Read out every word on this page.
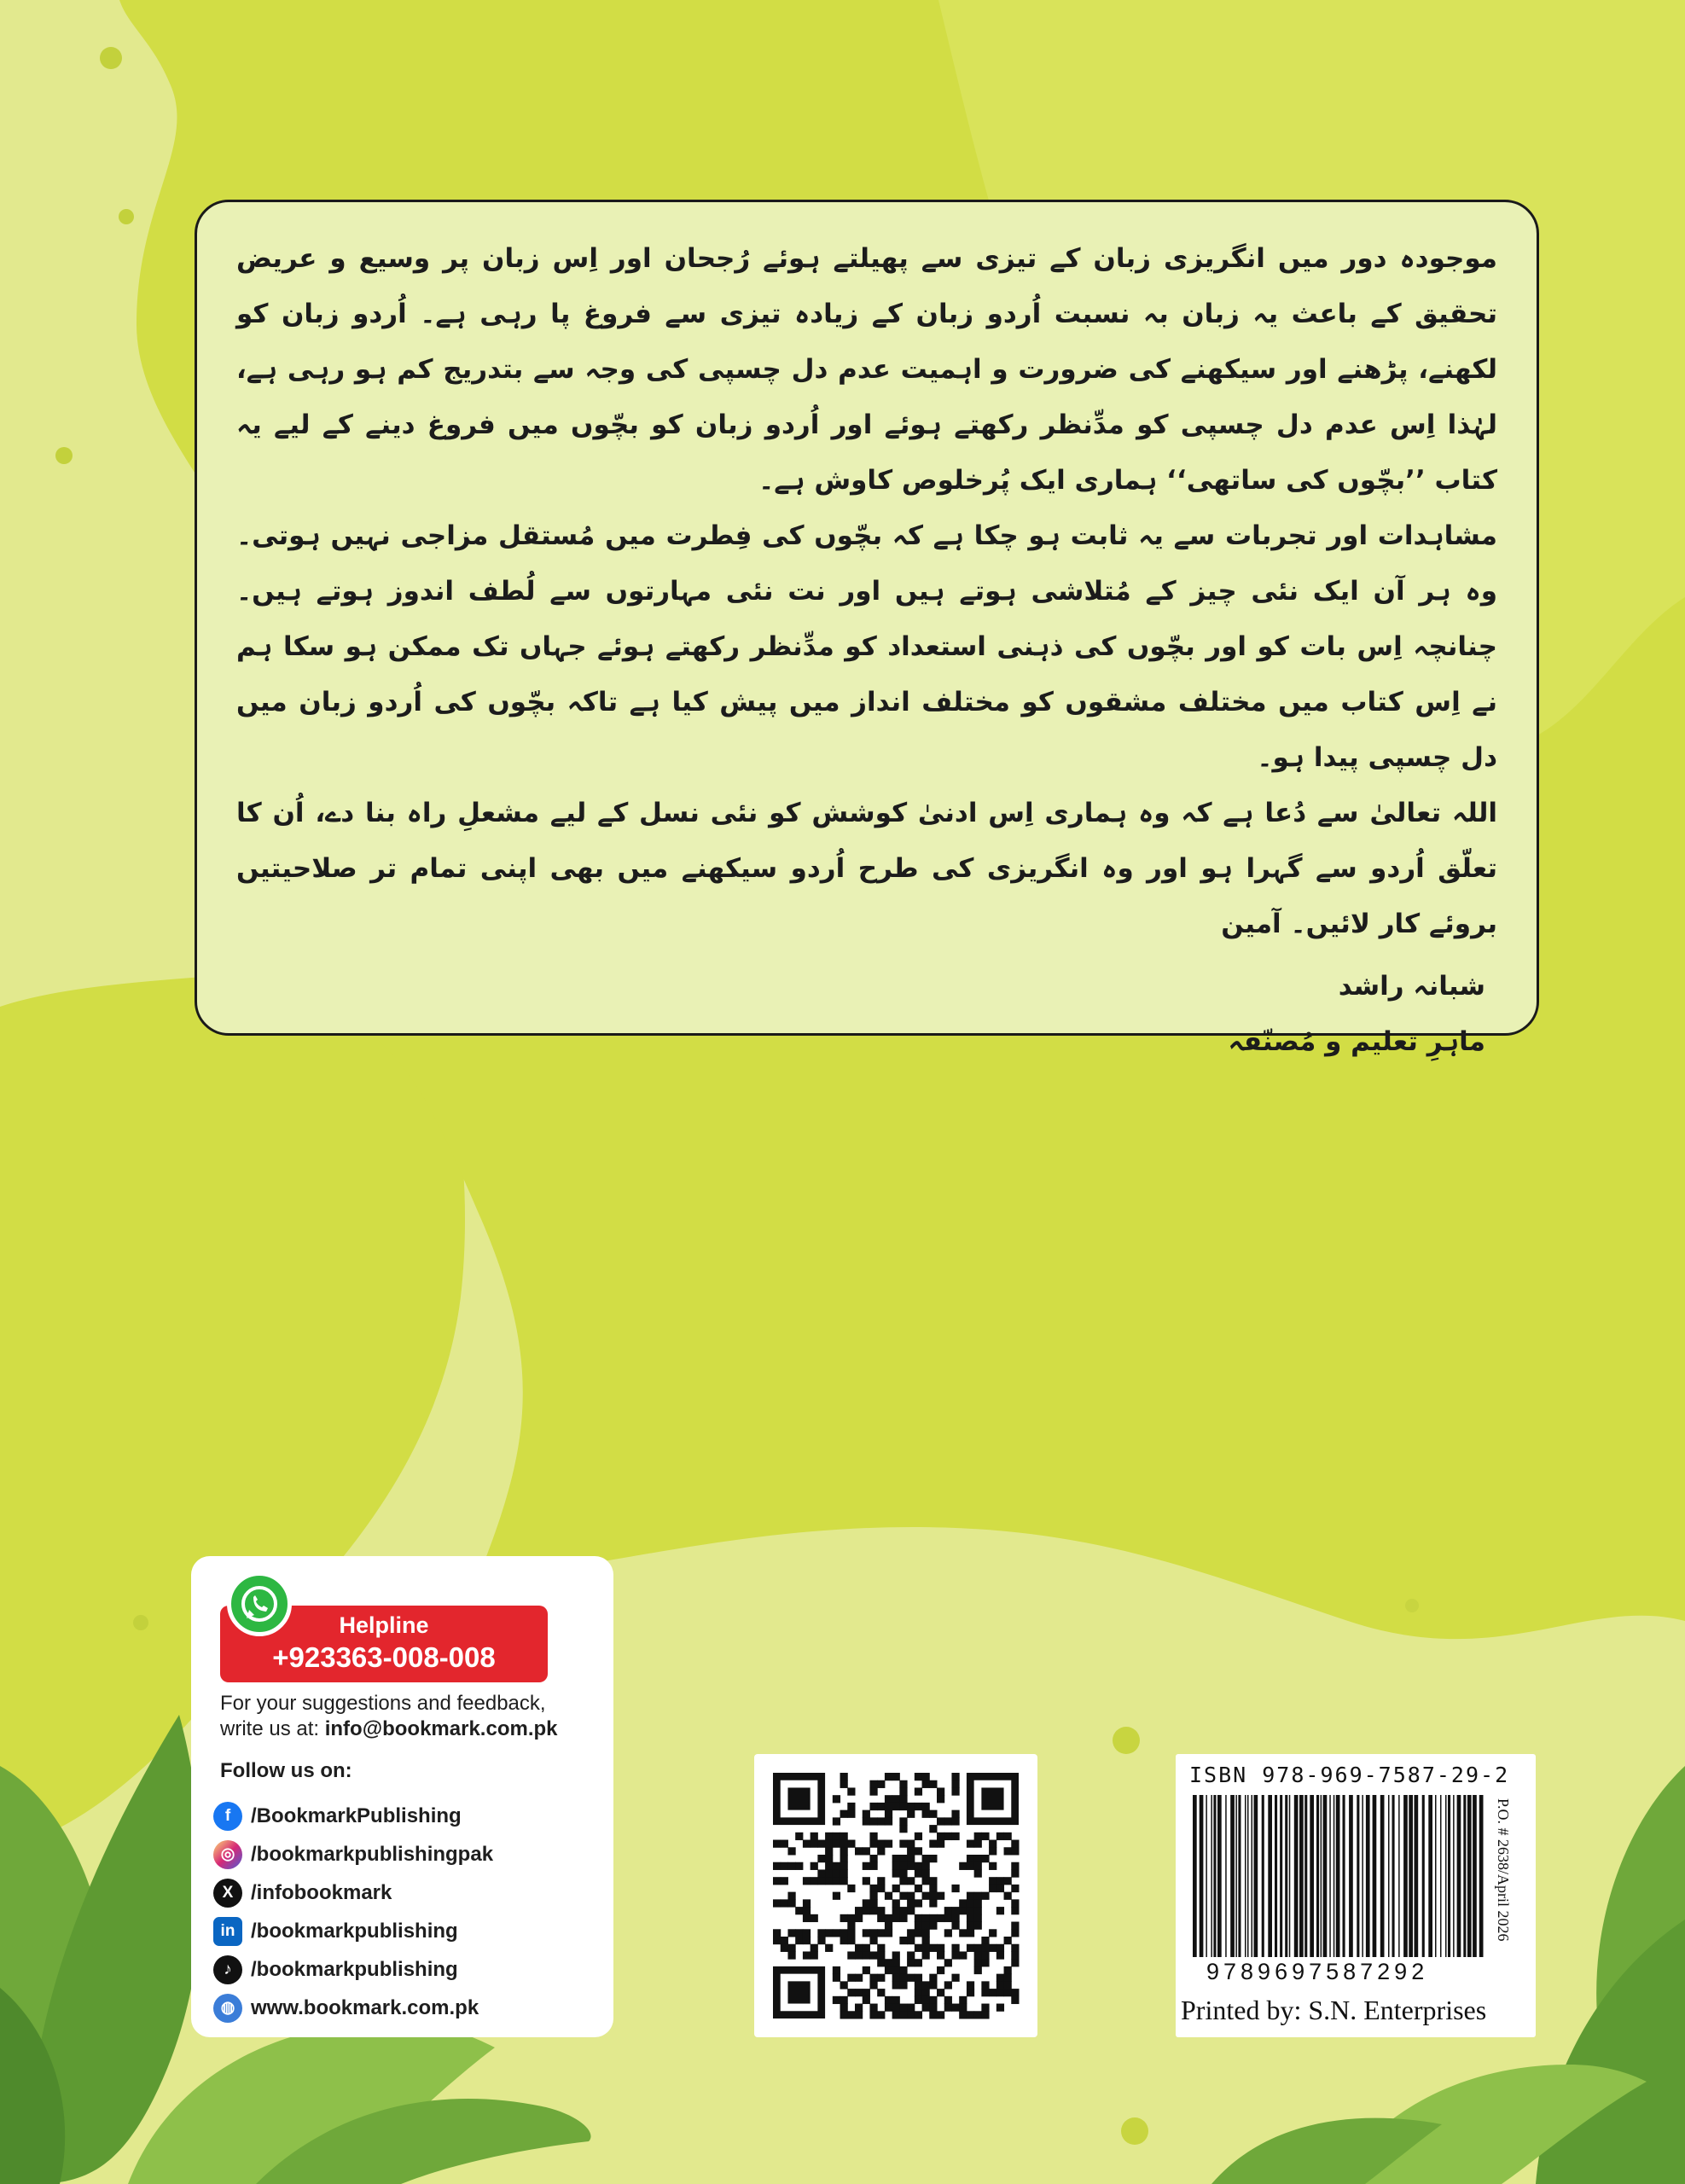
موجودہ دور میں انگریزی زبان کے تیزی سے پھیلتے ہوئے رُجحان اور اِس زبان پر وسیع و عریض تحقیق کے باعث یہ زبان بہ نسبت اُردو زبان کے زیادہ تیزی سے فروغ پا رہی ہے۔ اُردو زبان کو لکھنے، پڑھنے اور سیکھنے کی ضرورت و اہمیت عدم دل چسپی کی وجہ سے بتدریج کم ہو رہی ہے، لہٰذا اِس عدم دل چسپی کو مدِّنظر رکھتے ہوئے اور اُردو زبان کو بچّوں میں فروغ دینے کے لیے یہ کتاب ’’بچّوں کی ساتھی‘‘ ہماری ایک پُرخلوص کاوش ہے۔

مشاہدات اور تجربات سے یہ ثابت ہو چکا ہے کہ بچّوں کی فِطرت میں مُستقل مزاجی نہیں ہوتی۔ وہ ہر آن ایک نئی چیز کے مُتلاشی ہوتے ہیں اور نت نئی مہارتوں سے لُطف اندوز ہوتے ہیں۔ چنانچہ اِس بات کو اور بچّوں کی ذہنی استعداد کو مدِّنظر رکھتے ہوئے جہاں تک ممکن ہو سکا ہم نے اِس کتاب میں مختلف مشقوں کو مختلف انداز میں پیش کیا ہے تاکہ بچّوں کی اُردو زبان میں دل چسپی پیدا ہو۔

اللہ تعالیٰ سے دُعا ہے کہ وہ ہماری اِس ادنیٰ کوشش کو نئی نسل کے لیے مشعلِ راہ بنا دے، اُن کا تعلّق اُردو سے گہرا ہو اور وہ انگریزی کی طرح اُردو سیکھنے میں بھی اپنی تمام تر صلاحیتیں بروئے کار لائیں۔ آمین

شبانہ راشد
ماہرِ تعلیم و مُصنّفہ
Helpline
+923363-008-008
For your suggestions and feedback,
write us at: info@bookmark.com.pk
Follow us on:
f /BookmarkPublishing
◎ /bookmarkpublishingpak
X /infobookmark
in /bookmarkpublishing
♪ /bookmarkpublishing
◍ www.bookmark.com.pk
ISBN 978-969-7587-29-2
9789697587292
P.O. # 2638/April 2026
Printed by: S.N. Enterprises
